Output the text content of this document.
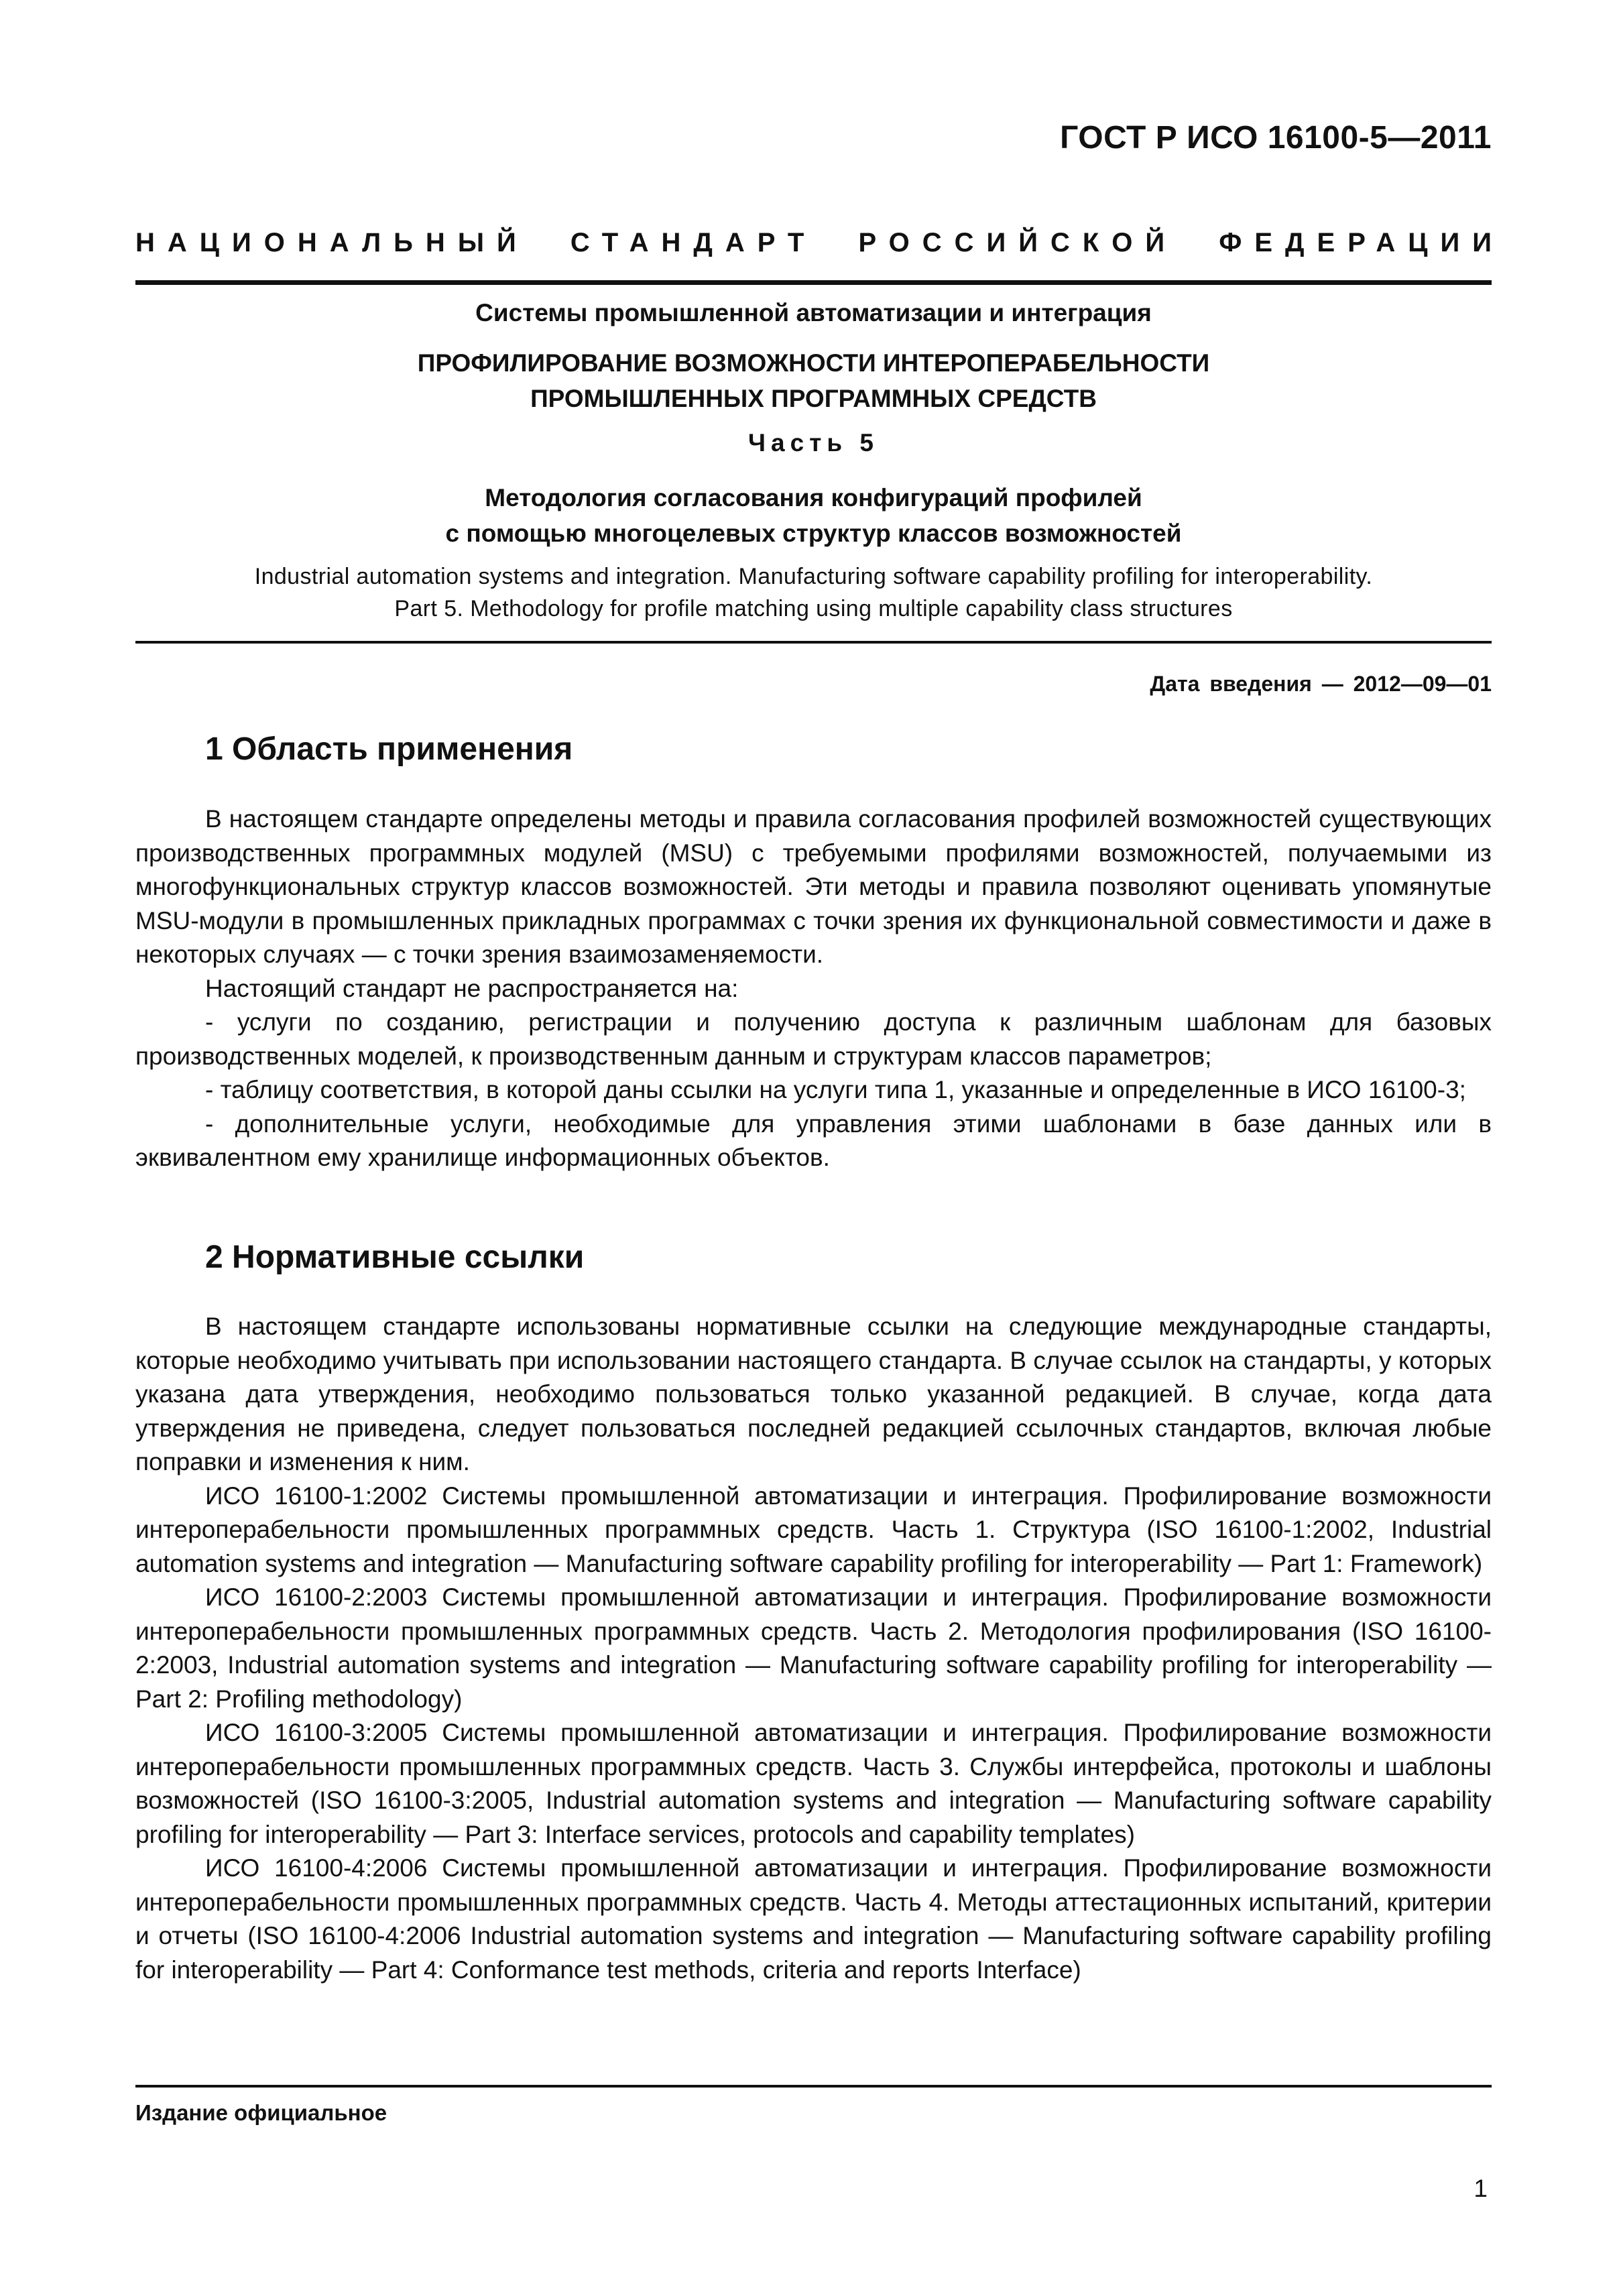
ГОСТ Р ИСО 16100-5—2011
НАЦИОНАЛЬНЫЙ СТАНДАРТ РОССИЙСКОЙ ФЕДЕРАЦИИ
Системы промышленной автоматизации и интеграция
ПРОФИЛИРОВАНИЕ ВОЗМОЖНОСТИ ИНТЕРОПЕРАБЕЛЬНОСТИ
ПРОМЫШЛЕННЫХ ПРОГРАММНЫХ СРЕДСТВ
Часть 5
Методология согласования конфигураций профилей
с помощью многоцелевых структур классов возможностей
Industrial automation systems and integration. Manufacturing software capability profiling for interoperability.
Part 5. Methodology for profile matching using multiple capability class structures
Дата введения — 2012—09—01
1 Область применения

В настоящем стандарте определены методы и правила согласования профилей возможностей существующих производственных программных модулей (MSU) с требуемыми профилями возможностей, получаемыми из многофункциональных структур классов возможностей. Эти методы и правила позволяют оценивать упомянутые MSU-модули в промышленных прикладных программах с точки зрения их функциональной совместимости и даже в некоторых случаях — с точки зрения взаимозаменяемости.

Настоящий стандарт не распространяется на:

- услуги по созданию, регистрации и получению доступа к различным шаблонам для базовых производственных моделей, к производственным данным и структурам классов параметров;

- таблицу соответствия, в которой даны ссылки на услуги типа 1, указанные и определенные в ИСО 16100-3;

- дополнительные услуги, необходимые для управления этими шаблонами в базе данных или в эквивалентном ему хранилище информационных объектов.

2 Нормативные ссылки

В настоящем стандарте использованы нормативные ссылки на следующие международные стандарты, которые необходимо учитывать при использовании настоящего стандарта. В случае ссылок на стандарты, у которых указана дата утверждения, необходимо пользоваться только указанной редакцией. В случае, когда дата утверждения не приведена, следует пользоваться последней редакцией ссылочных стандартов, включая любые поправки и изменения к ним.

ИСО 16100-1:2002 Системы промышленной автоматизации и интеграция. Профилирование возможности интероперабельности промышленных программных средств. Часть 1. Структура (ISO 16100-1:2002, Industrial automation systems and integration — Manufacturing software capability profiling for interoperability — Part 1: Framework)

ИСО 16100-2:2003 Системы промышленной автоматизации и интеграция. Профилирование возможности интероперабельности промышленных программных средств. Часть 2. Методология профилирования (ISO 16100-2:2003, Industrial automation systems and integration — Manufacturing software capability profiling for interoperability — Part 2: Profiling methodology)

ИСО 16100-3:2005 Системы промышленной автоматизации и интеграция. Профилирование возможности интероперабельности промышленных программных средств. Часть 3. Службы интерфейса, протоколы и шаблоны возможностей (ISO 16100-3:2005, Industrial automation systems and integration — Manufacturing software capability profiling for interoperability — Part 3: Interface services, protocols and capability templates)

ИСО 16100-4:2006 Системы промышленной автоматизации и интеграция. Профилирование возможности интероперабельности промышленных программных средств. Часть 4. Методы аттестационных испытаний, критерии и отчеты (ISO 16100-4:2006 Industrial automation systems and integration — Manufacturing software capability profiling for interoperability — Part 4: Conformance test methods, criteria and reports Interface)

Издание официальное
1
